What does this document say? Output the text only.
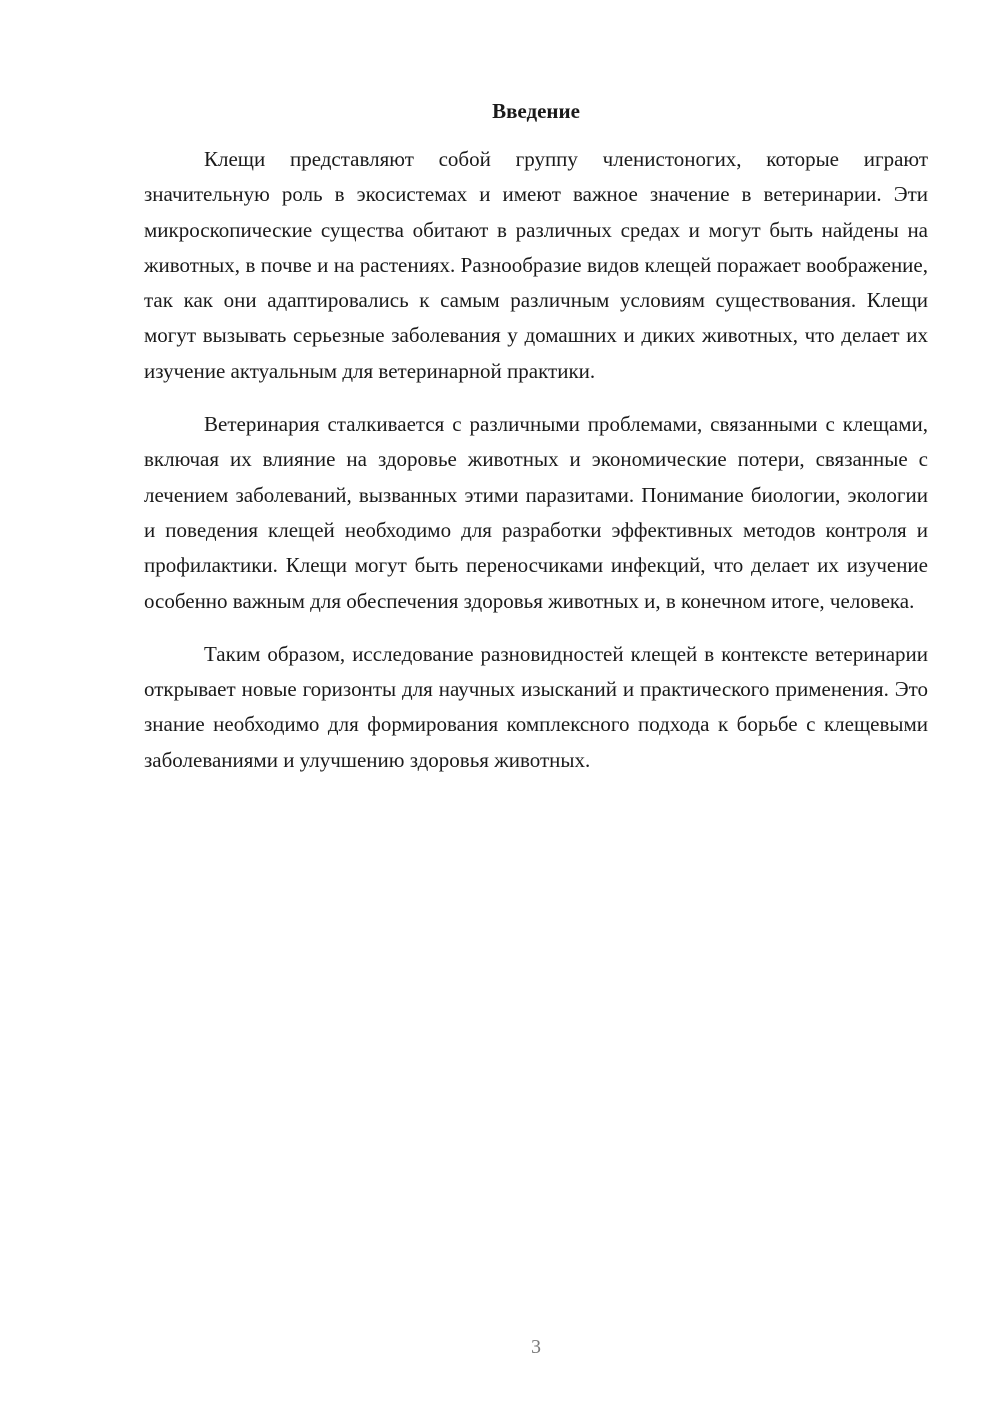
Введение

Клещи представляют собой группу членистоногих, которые играют значительную роль в экосистемах и имеют важное значение в ветеринарии. Эти микроскопические существа обитают в различных средах и могут быть найдены на животных, в почве и на растениях. Разнообразие видов клещей поражает воображение, так как они адаптировались к самым различным условиям существования. Клещи могут вызывать серьезные заболевания у домашних и диких животных, что делает их изучение актуальным для ветеринарной практики.

Ветеринария сталкивается с различными проблемами, связанными с клещами, включая их влияние на здоровье животных и экономические потери, связанные с лечением заболеваний, вызванных этими паразитами. Понимание биологии, экологии и поведения клещей необходимо для разработки эффективных методов контроля и профилактики. Клещи могут быть переносчиками инфекций, что делает их изучение особенно важным для обеспечения здоровья животных и, в конечном итоге, человека.

Таким образом, исследование разновидностей клещей в контексте ветеринарии открывает новые горизонты для научных изысканий и практического применения. Это знание необходимо для формирования комплексного подхода к борьбе с клещевыми заболеваниями и улучшению здоровья животных.

3
